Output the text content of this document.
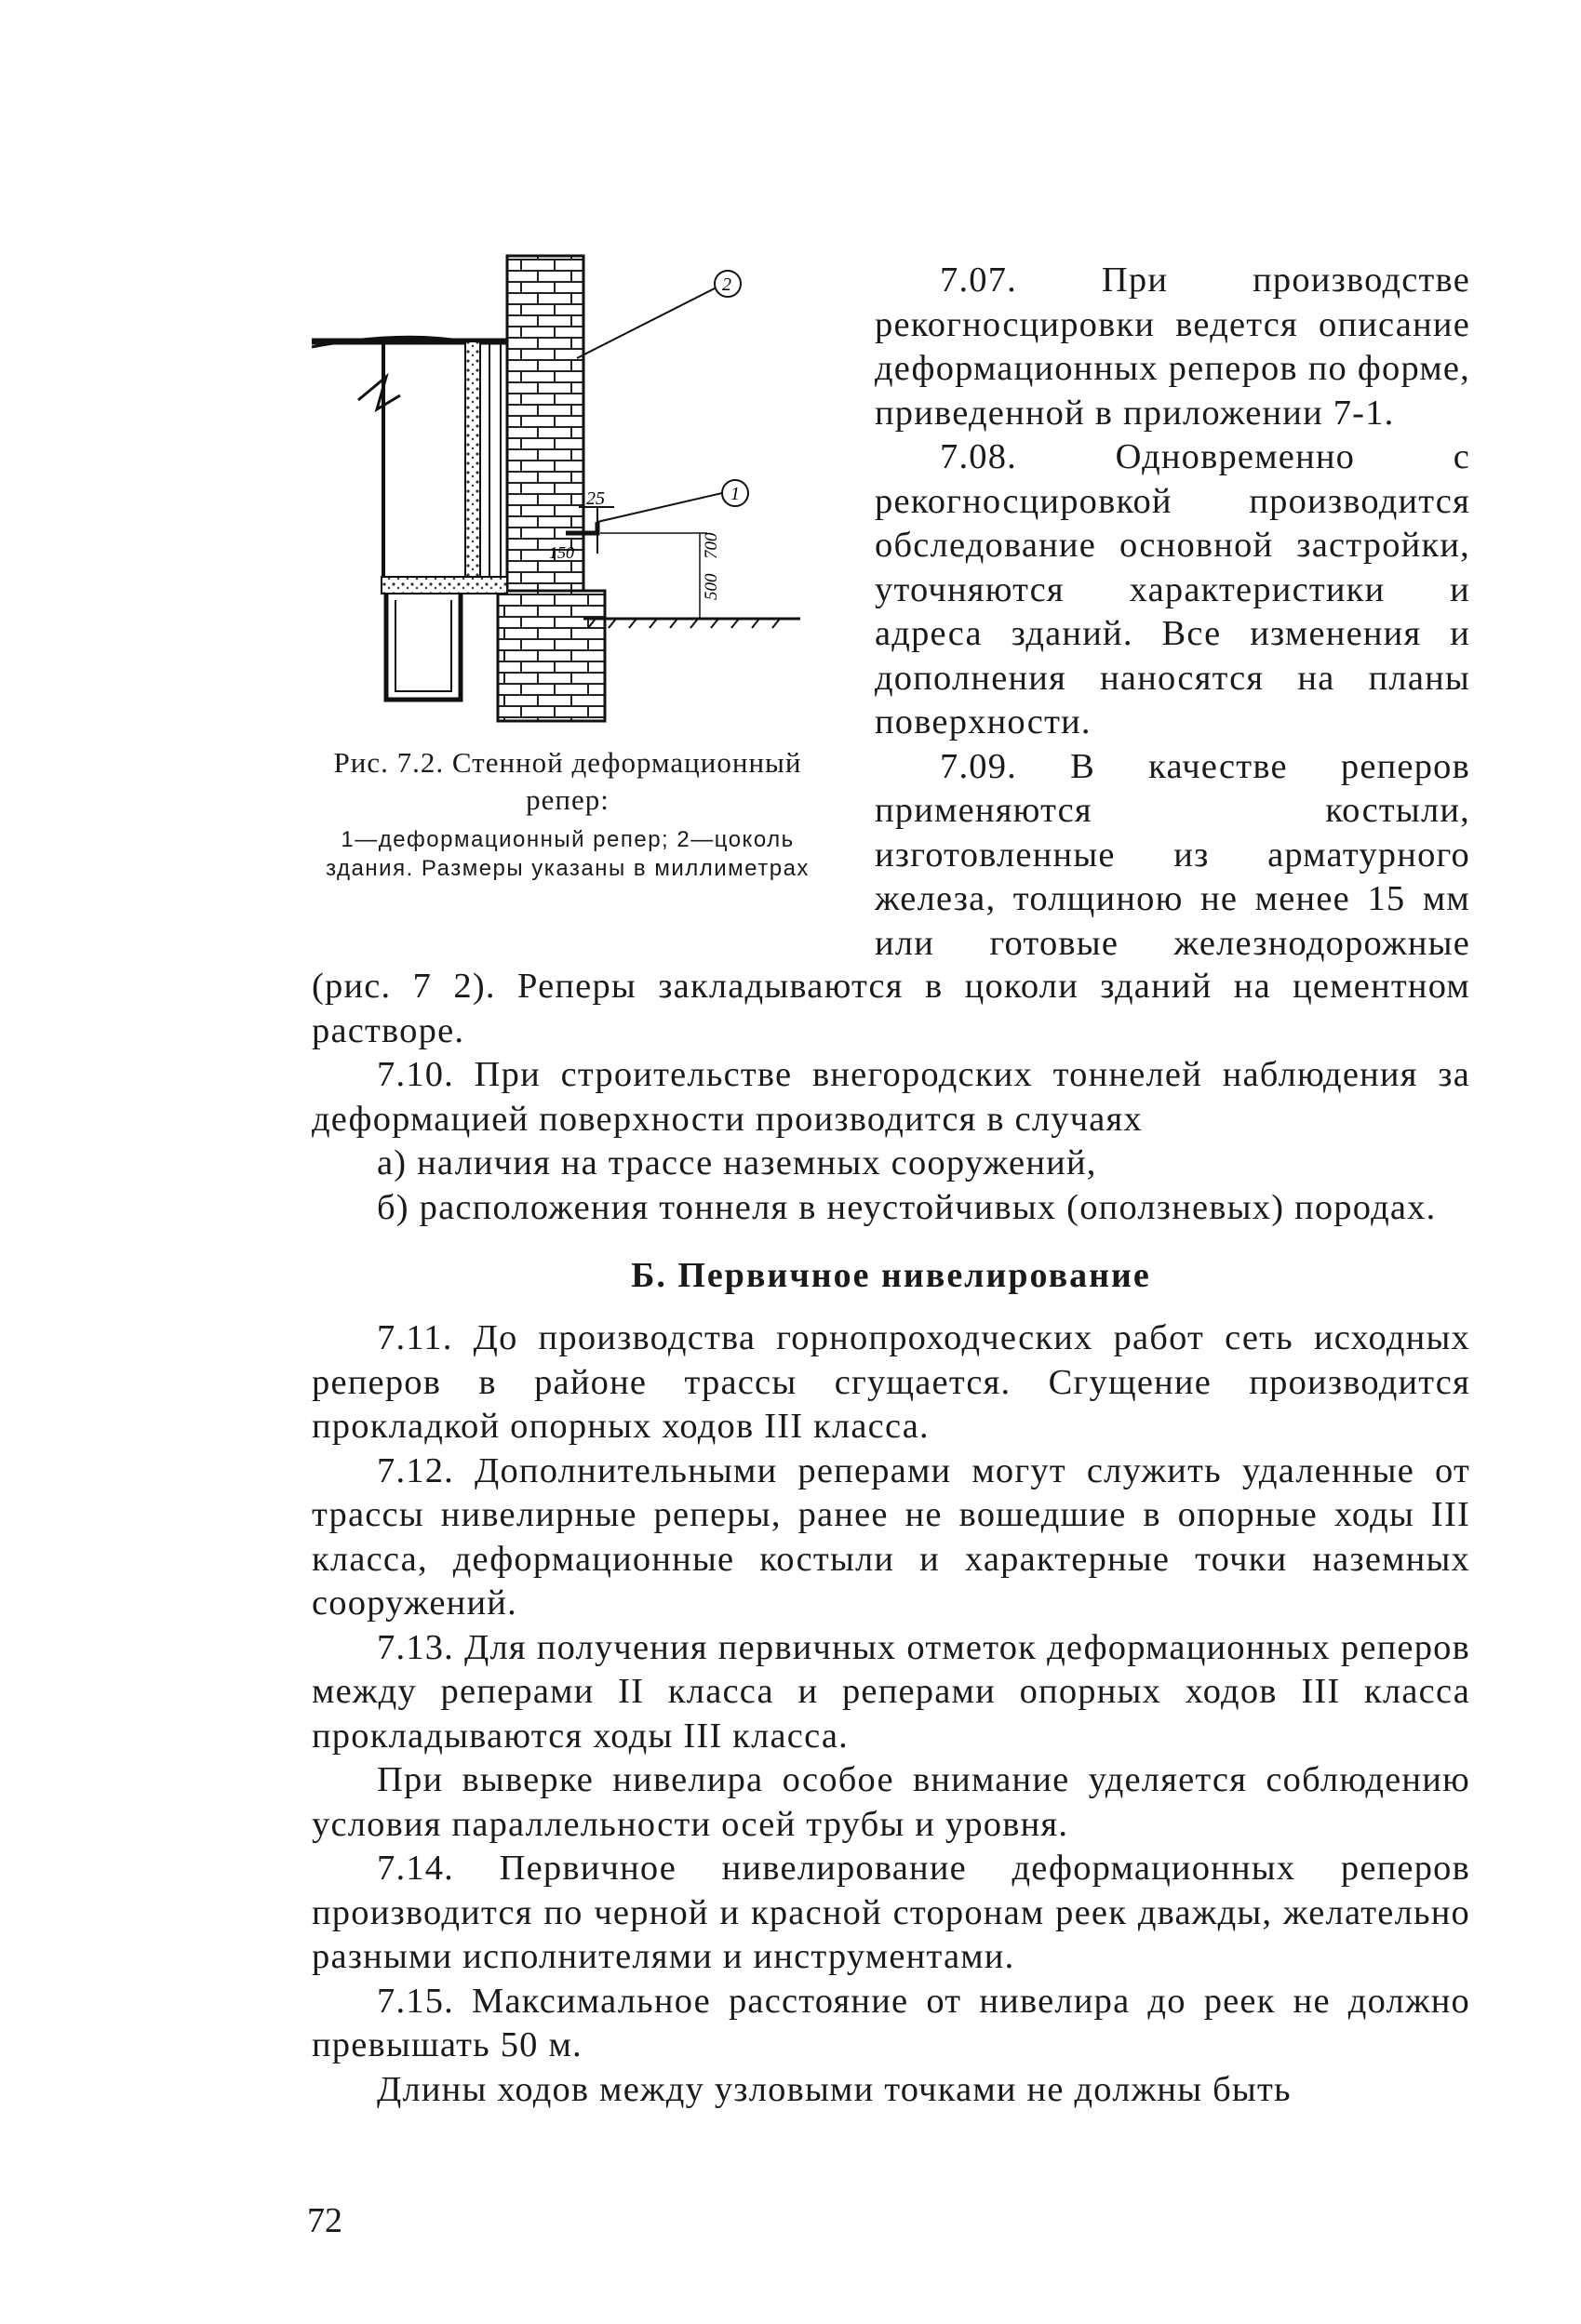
25
150
1
2
500
700
Рис. 7.2. Стенной деформационный репер:
1—деформационный репер; 2—цоколь здания. Размеры указаны в миллиметрах

7.07. При производстве рекогносцировки ведется описание деформационных реперов по форме, приведенной в приложении 7-1.

7.08. Одновременно с рекогносцировкой производится обследование основной застройки, уточняются характеристики и адреса зданий. Все изменения и дополнения наносятся на планы поверхности.

7.09. В качестве реперов применяются костыли, изготовленные из арматурного железа, толщиною не менее 15 мм или готовые железнодорожные

(рис. 7 2). Реперы закладываются в цоколи зданий на цементном растворе.

7.10. При строительстве внегородских тоннелей наблюдения за деформацией поверхности производится в случаях

а) наличия на трассе наземных сооружений,

б) расположения тоннеля в неустойчивых (оползневых) породах.

Б. Первичное нивелирование

7.11. До производства горнопроходческих работ сеть исходных реперов в районе трассы сгущается. Сгущение производится прокладкой опорных ходов III класса.

7.12. Дополнительными реперами могут служить удаленные от трассы нивелирные реперы, ранее не вошедшие в опорные ходы III класса, деформационные костыли и характерные точки наземных сооружений.

7.13. Для получения первичных отметок деформационных реперов между реперами II класса и реперами опорных ходов III класса прокладываются ходы III класса.

При выверке нивелира особое внимание уделяется соблюдению условия параллельности осей трубы и уровня.

7.14. Первичное нивелирование деформационных реперов производится по черной и красной сторонам реек дважды, желательно разными исполнителями и инструментами.

7.15. Максимальное расстояние от нивелира до реек не должно превышать 50 м.

Длины ходов между узловыми точками не должны быть

72
